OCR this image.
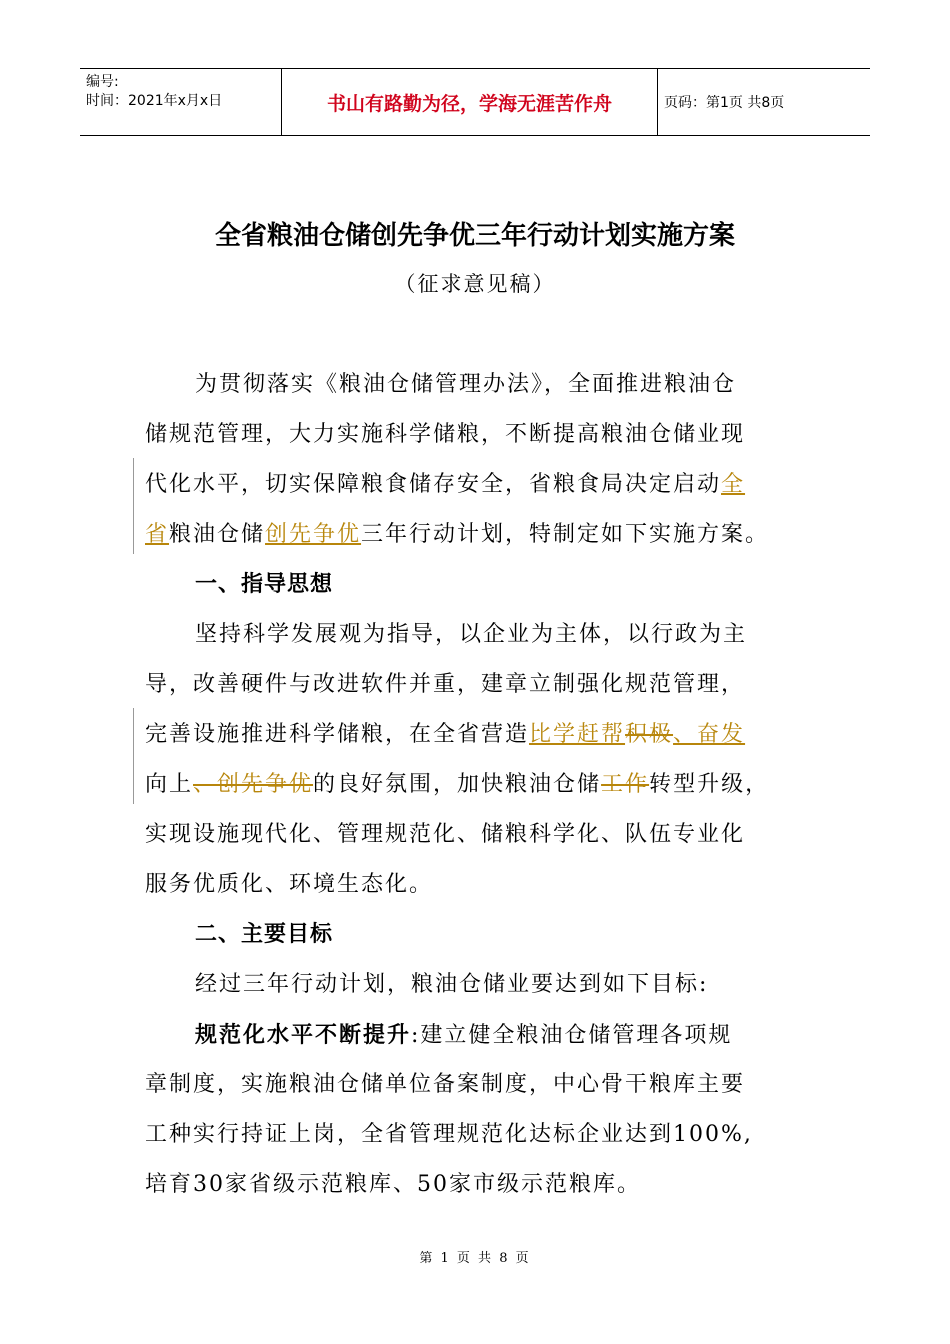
编号:
时间：2021年x月x日	书山有路勤为径，学海无涯苦作舟	页码：第1页 共8页
全省粮油仓储创先争优三年行动计划实施方案
（征求意见稿）
为贯彻落实《粮油仓储管理办法》，全面推进粮油仓
储规范管理，大力实施科学储粮，不断提高粮油仓储业现
代化水平，切实保障粮食储存安全，省粮食局决定启动全
省粮油仓储创先争优三年行动计划，特制定如下实施方案。
一、指导思想
坚持科学发展观为指导，以企业为主体，以行政为主
导，改善硬件与改进软件并重，建章立制强化规范管理，
完善设施推进科学储粮，在全省营造比学赶帮积极、奋发
向上、创先争优的良好氛围，加快粮油仓储工作转型升级，
实现设施现代化、管理规范化、储粮科学化、队伍专业化
服务优质化、环境生态化。
二、主要目标
经过三年行动计划，粮油仓储业要达到如下目标:
规范化水平不断提升:建立健全粮油仓储管理各项规
章制度，实施粮油仓储单位备案制度，中心骨干粮库主要
工种实行持证上岗，全省管理规范化达标企业达到100%,
培育30家省级示范粮库、50家市级示范粮库。
第 1 页 共 8 页
